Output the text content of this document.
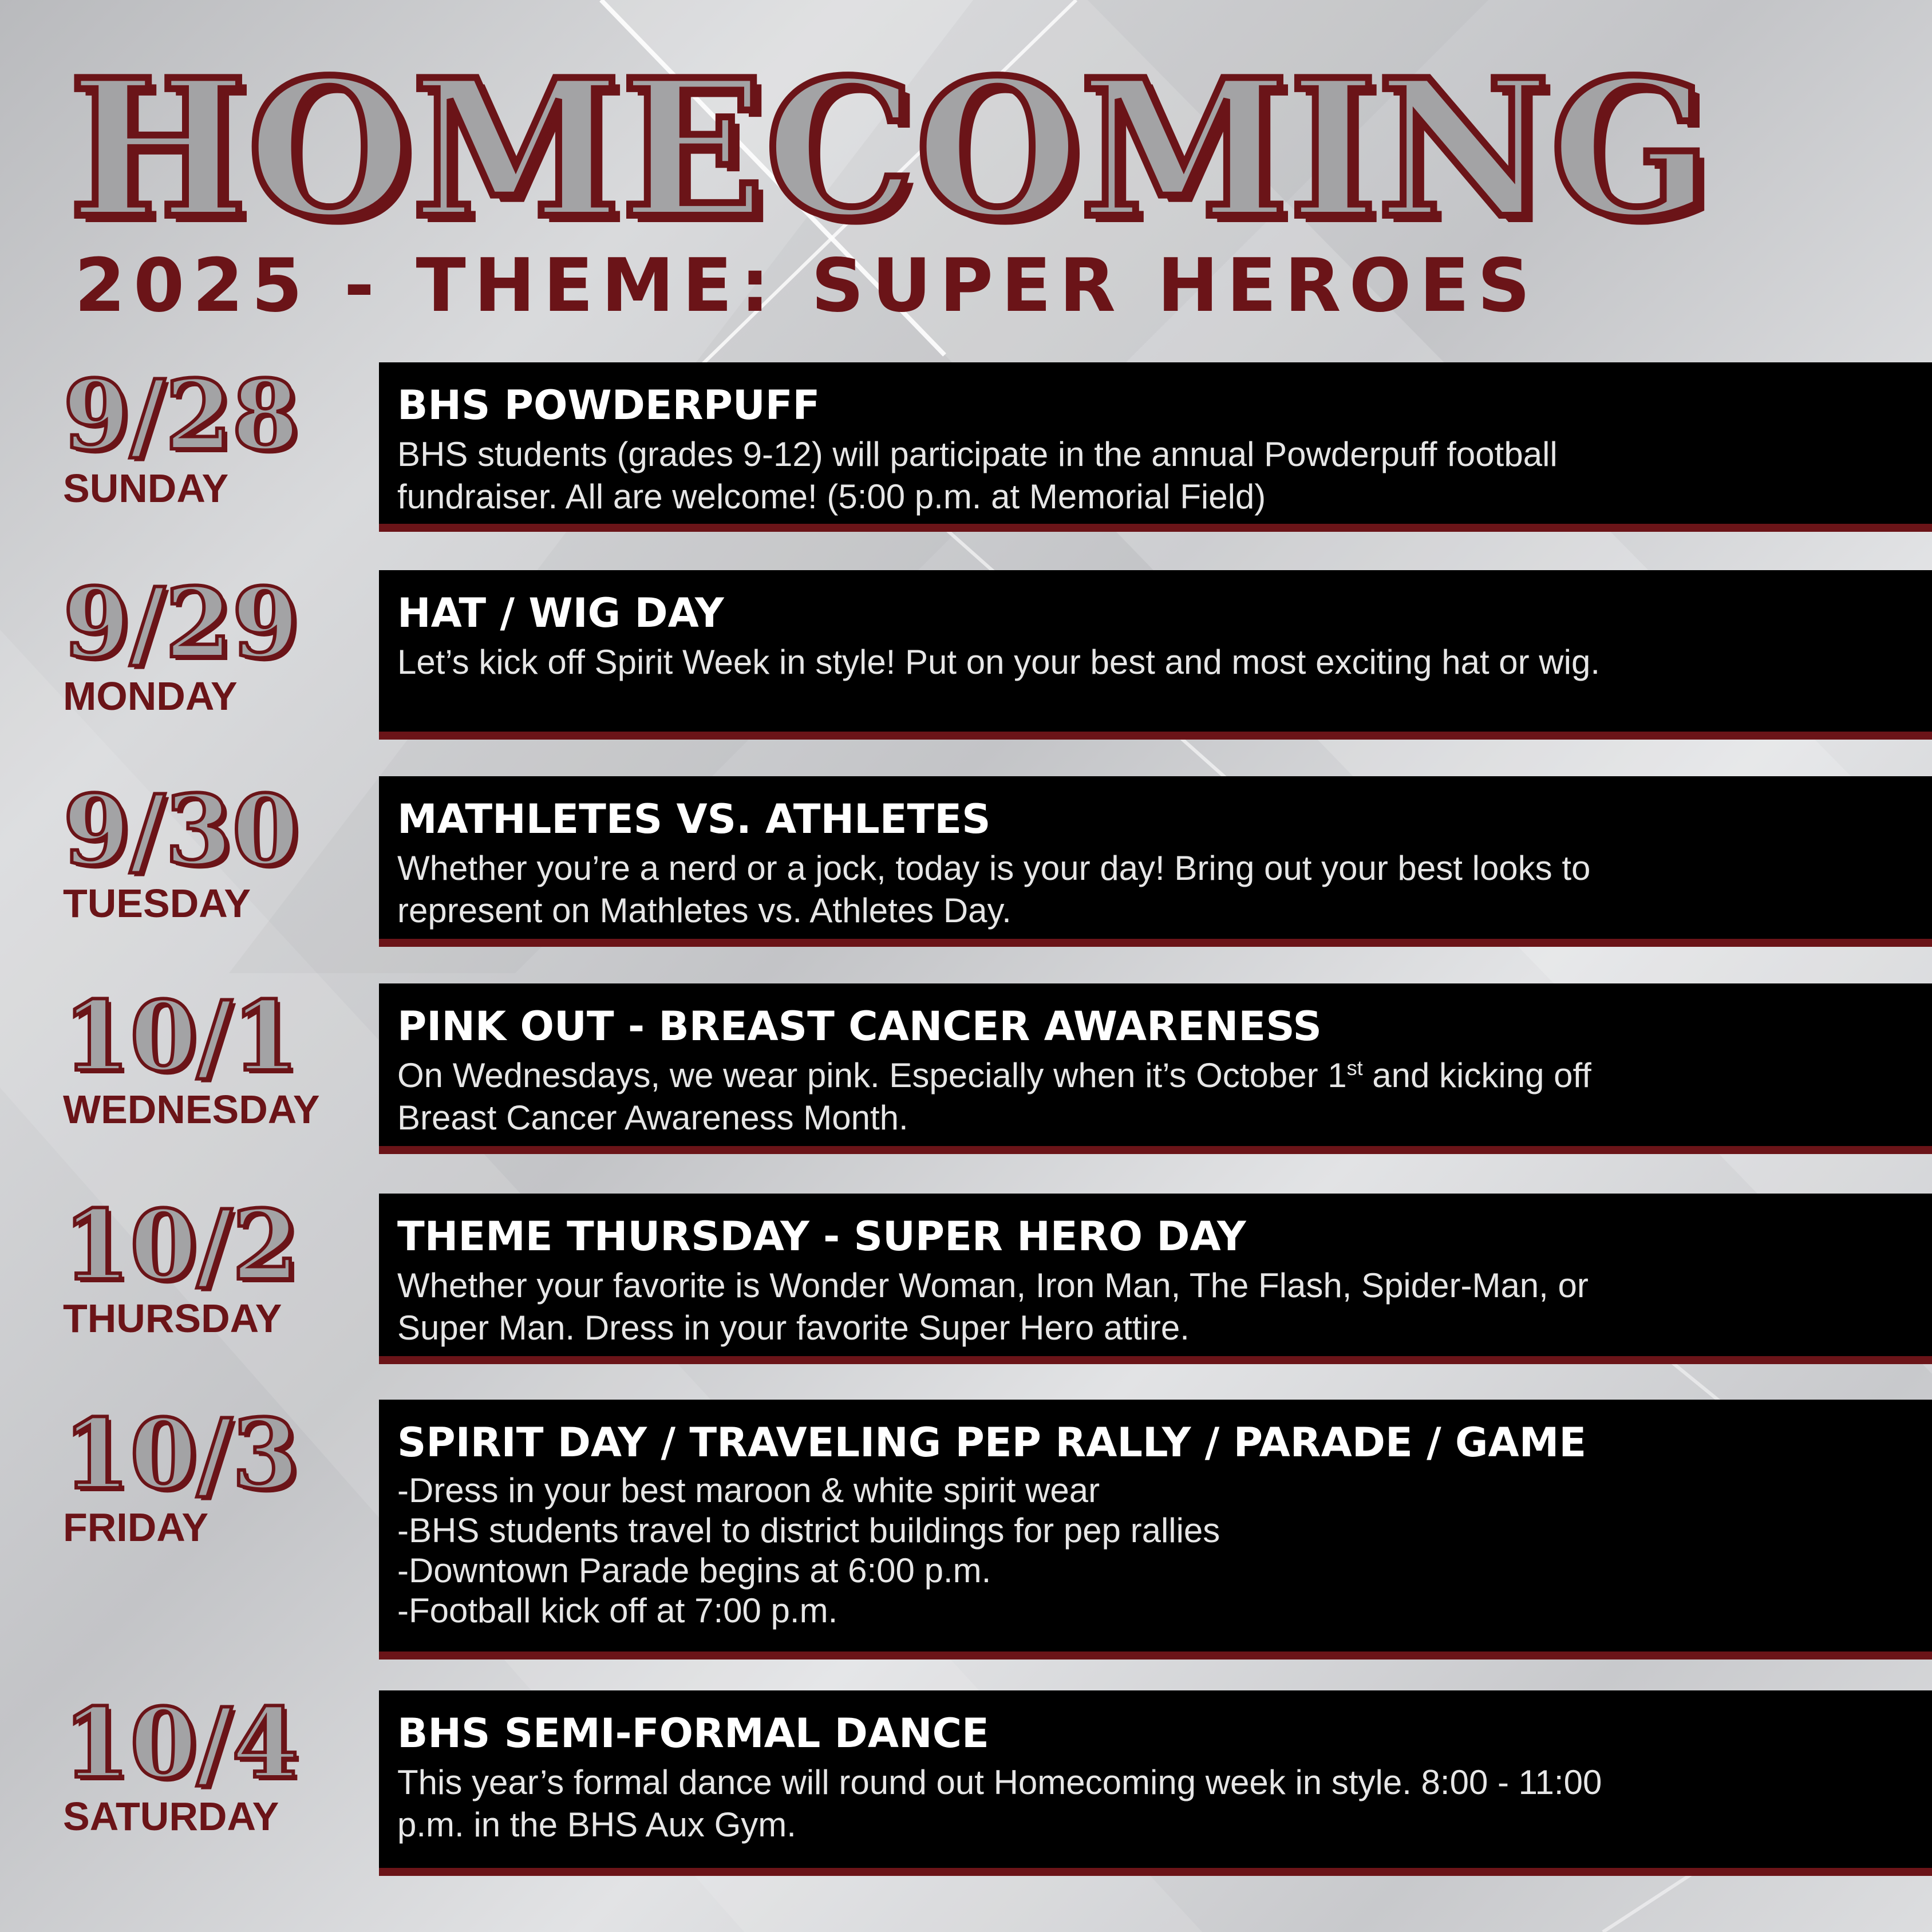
HOMECOMING
2025 - THEME: SUPER HEROES
9/28
SUNDAY
BHS POWDERPUFF
BHS students (grades 9-12) will participate in the annual Powderpuff football
fundraiser. All are welcome! (5:00 p.m. at Memorial Field)
9/29
MONDAY
HAT / WIG DAY
Let’s kick off Spirit Week in style! Put on your best and most exciting hat or wig.
9/30
TUESDAY
MATHLETES VS. ATHLETES
Whether you’re a nerd or a jock, today is your day! Bring out your best looks to
represent on Mathletes vs. Athletes Day.
10/1
WEDNESDAY
PINK OUT - BREAST CANCER AWARENESS
On Wednesdays, we wear pink. Especially when it’s October 1st and kicking off
Breast Cancer Awareness Month.
10/2
THURSDAY
THEME THURSDAY - SUPER HERO DAY
Whether your favorite is Wonder Woman, Iron Man, The Flash, Spider-Man, or
Super Man. Dress in your favorite Super Hero attire.
10/3
FRIDAY
SPIRIT DAY / TRAVELING PEP RALLY / PARADE / GAME
-Dress in your best maroon & white spirit wear
-BHS students travel to district buildings for pep rallies
-Downtown Parade begins at 6:00 p.m.
-Football kick off at 7:00 p.m.
10/4
SATURDAY
BHS SEMI-FORMAL DANCE
This year’s formal dance will round out Homecoming week in style. 8:00 - 11:00
p.m. in the BHS Aux Gym.
